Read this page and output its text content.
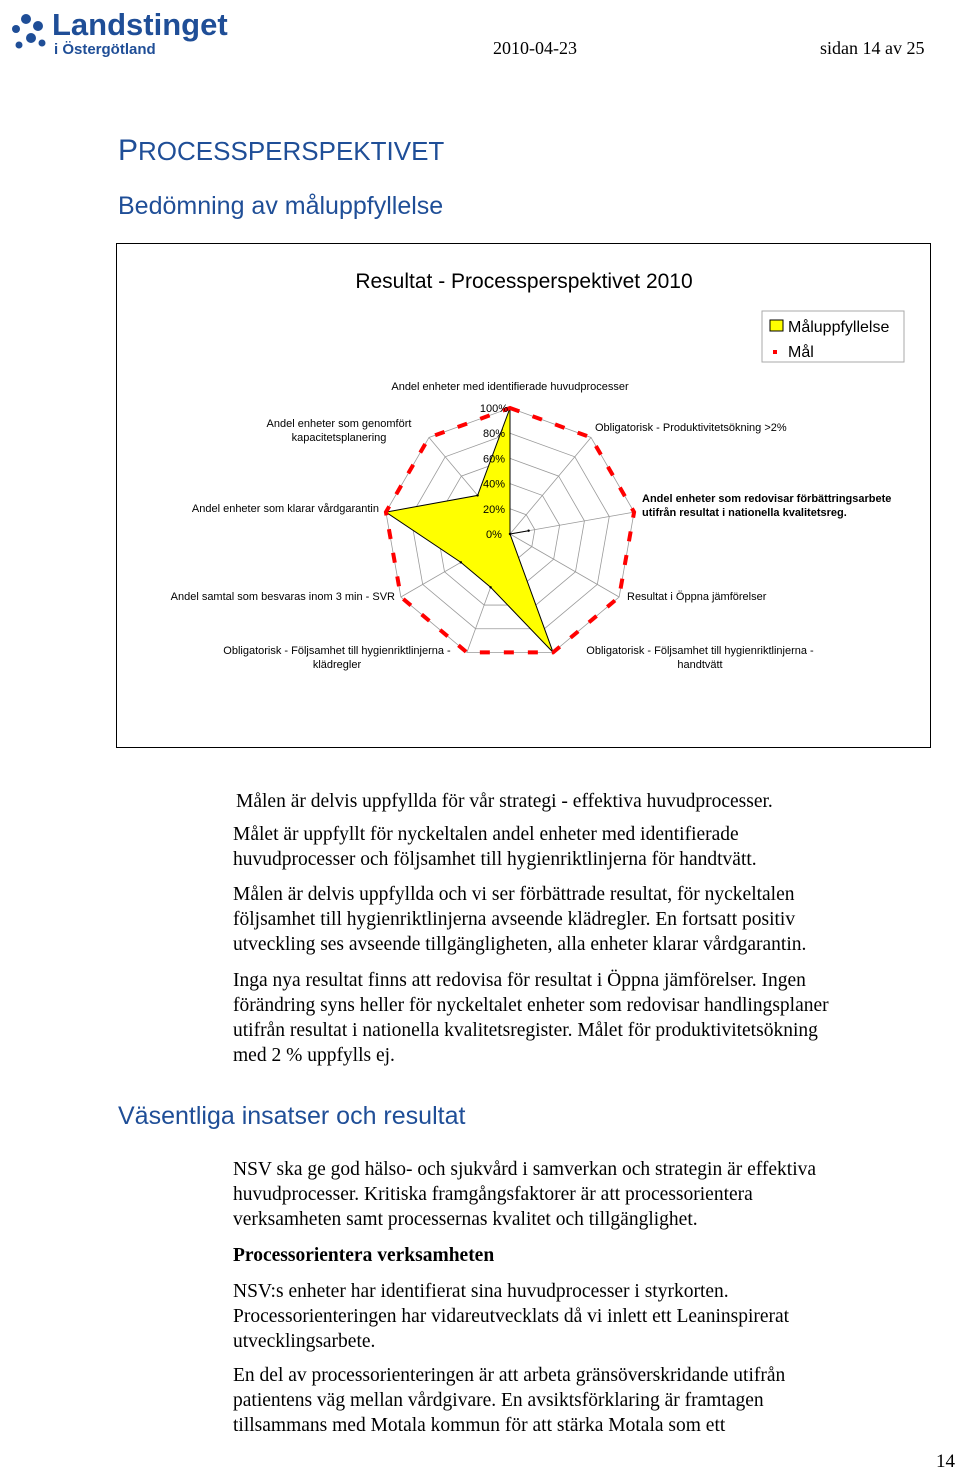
Landstinget
i Östergötland	2010-04-23	sidan 14 av 25
PROCESSPERSPEKTIVET
Bedömning av måluppfyllelse
Resultat - Processperspektivet 2010
0%
20%
40%
60%
80%
100%
Andel enheter med identifierade huvudprocesser
Obligatorisk - Produktivitetsökning >2%
Andel enheter som redovisar förbättringsarbete
utifrån resultat i nationella kvalitetsreg.
Resultat i Öppna jämförelser
Obligatorisk - Följsamhet till hygienriktlinjerna -
handtvätt
Obligatorisk - Följsamhet till hygienriktlinjerna -
klädregler
Andel samtal som besvaras inom 3 min - SVR
Andel enheter som klarar vårdgarantin
Andel enheter som genomfört
kapacitetsplanering
Måluppfyllelse
Mål
Målen är delvis uppfyllda för vår strategi - effektiva huvudprocesser.
Målet är uppfyllt för nyckeltalen andel enheter med identifierade
huvudprocesser och följsamhet till hygienriktlinjerna för handtvätt.
Målen är delvis uppfyllda och vi ser förbättrade resultat, för nyckeltalen
följsamhet till hygienriktlinjerna avseende klädregler. En fortsatt positiv
utveckling ses avseende tillgängligheten, alla enheter klarar vårdgarantin.
Inga nya resultat finns att redovisa för resultat i Öppna jämförelser. Ingen
förändring syns heller för nyckeltalet enheter som redovisar handlingsplaner
utifrån resultat i nationella kvalitetsregister. Målet för produktivitetsökning
med 2 % uppfylls ej.
Väsentliga insatser och resultat
NSV ska ge god hälso- och sjukvård i samverkan och strategin är effektiva
huvudprocesser. Kritiska framgångsfaktorer är att processorientera
verksamheten samt processernas kvalitet och tillgänglighet.
Processorientera verksamheten
NSV:s enheter har identifierat sina huvudprocesser i styrkorten.
Processorienteringen har vidareutvecklats då vi inlett ett Leaninspirerat
utvecklingsarbete.
En del av processorienteringen är att arbeta gränsöverskridande utifrån
patientens väg mellan vårdgivare. En avsiktsförklaring är framtagen
tillsammans med Motala kommun för att stärka Motala som ett
14
